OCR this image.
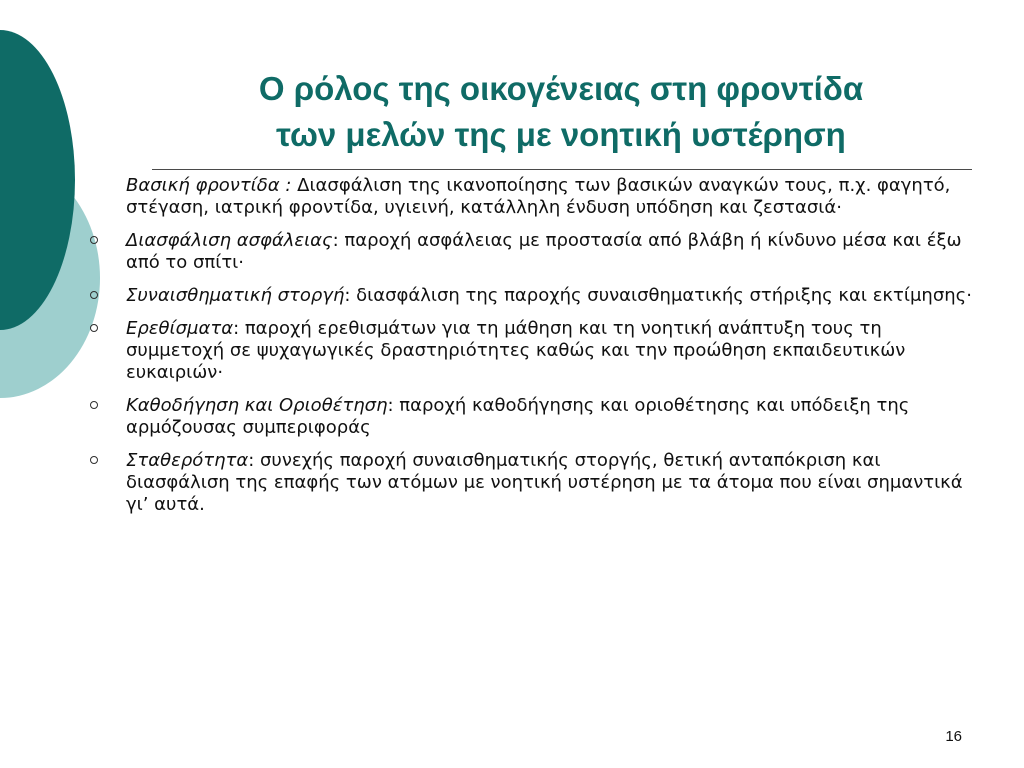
Ο ρόλος της οικογένειας στη φροντίδα
των μελών της με νοητική υστέρηση
Βασική φροντίδα : Διασφάλιση της ικανοποίησης των βασικών αναγκών τους, π.χ. φαγητό, στέγαση, ιατρική φροντίδα, υγιεινή, κατάλληλη ένδυση υπόδηση και ζεστασιά·
Διασφάλιση ασφάλειας: παροχή ασφάλειας με προστασία από βλάβη ή κίνδυνο μέσα και έξω από το σπίτι·
Συναισθηματική στοργή: διασφάλιση της παροχής συναισθηματικής στήριξης και εκτίμησης·
Ερεθίσματα: παροχή ερεθισμάτων για τη μάθηση και τη νοητική ανάπτυξη τους τη συμμετοχή σε ψυχαγωγικές δραστηριότητες καθώς και την προώθηση εκπαιδευτικών ευκαιριών·
Καθοδήγηση και Οριοθέτηση: παροχή καθοδήγησης και οριοθέτησης και υπόδειξη της αρμόζουσας συμπεριφοράς
Σταθερότητα: συνεχής παροχή συναισθηματικής στοργής, θετική ανταπόκριση και διασφάλιση της επαφής των ατόμων με νοητική υστέρηση με τα άτομα που είναι σημαντικά γι’ αυτά.
16
